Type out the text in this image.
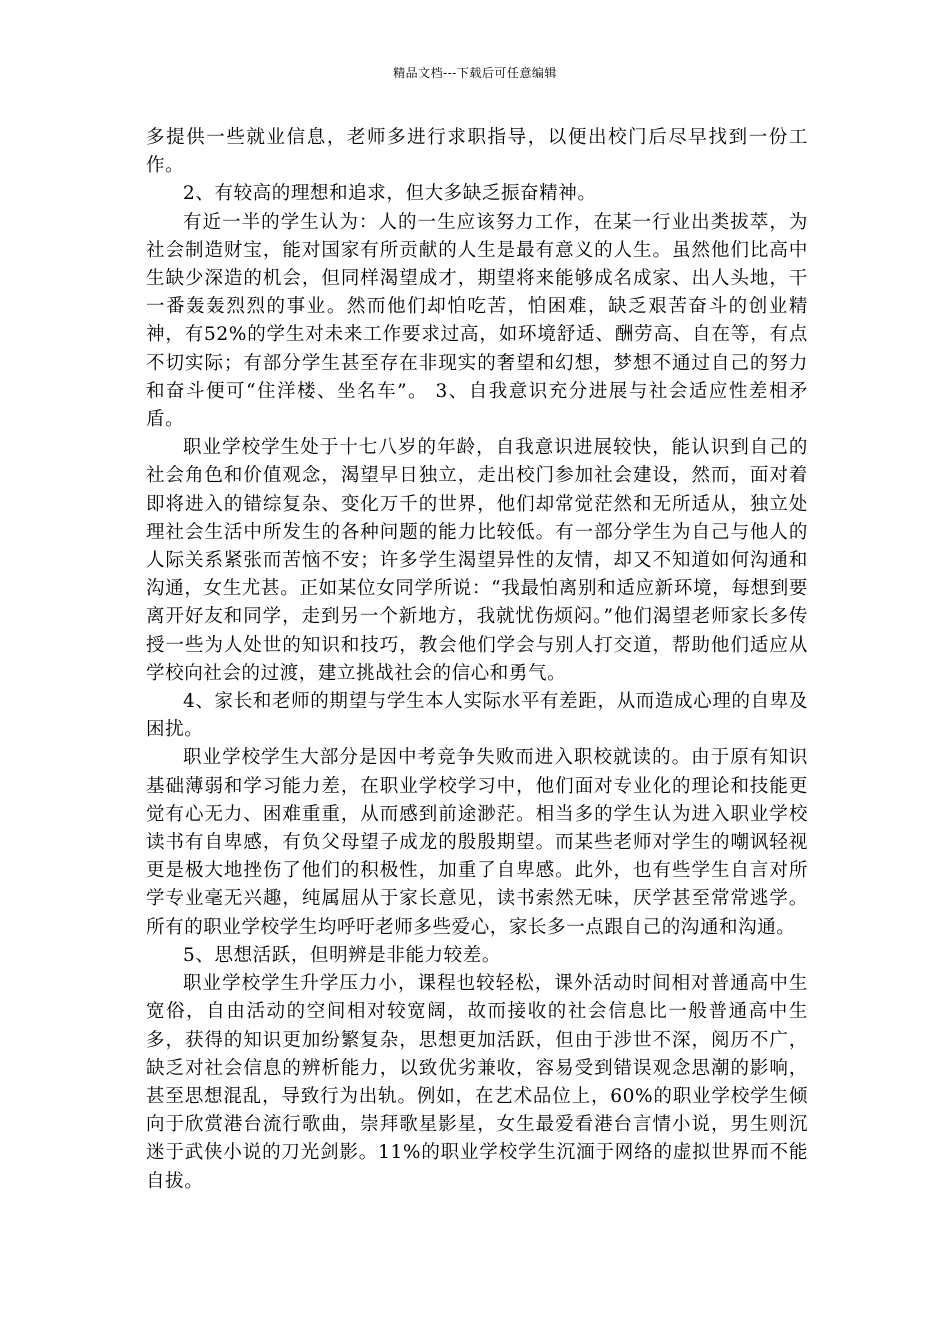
精品文档---下载后可任意编辑

多提供一些就业信息，老师多进行求职指导，以便出校门后尽早找到一份工作。

2、有较高的理想和追求，但大多缺乏振奋精神。

有近一半的学生认为：人的一生应该努力工作，在某一行业出类拔萃，为社会制造财宝，能对国家有所贡献的人生是最有意义的人生。虽然他们比高中生缺少深造的机会，但同样渴望成才，期望将来能够成名成家、出人头地，干一番轰轰烈烈的事业。然而他们却怕吃苦，怕困难，缺乏艰苦奋斗的创业精神，有52%的学生对未来工作要求过高，如环境舒适、酬劳高、自在等，有点不切实际；有部分学生甚至存在非现实的奢望和幻想，梦想不通过自己的努力和奋斗便可“住洋楼、坐名车”。 3、自我意识充分进展与社会适应性差相矛盾。

职业学校学生处于十七八岁的年龄，自我意识进展较快，能认识到自己的社会角色和价值观念，渴望早日独立，走出校门参加社会建设，然而，面对着即将进入的错综复杂、变化万千的世界，他们却常觉茫然和无所适从，独立处理社会生活中所发生的各种问题的能力比较低。有一部分学生为自己与他人的人际关系紧张而苦恼不安；许多学生渴望异性的友情，却又不知道如何沟通和沟通，女生尤甚。正如某位女同学所说：“我最怕离别和适应新环境，每想到要离开好友和同学，走到另一个新地方，我就忧伤烦闷。”他们渴望老师家长多传授一些为人处世的知识和技巧，教会他们学会与别人打交道，帮助他们适应从学校向社会的过渡，建立挑战社会的信心和勇气。

4、家长和老师的期望与学生本人实际水平有差距，从而造成心理的自卑及困扰。

职业学校学生大部分是因中考竞争失败而进入职校就读的。由于原有知识基础薄弱和学习能力差，在职业学校学习中，他们面对专业化的理论和技能更觉有心无力、困难重重，从而感到前途渺茫。相当多的学生认为进入职业学校读书有自卑感，有负父母望子成龙的殷殷期望。而某些老师对学生的嘲讽轻视更是极大地挫伤了他们的积极性，加重了自卑感。此外，也有些学生自言对所学专业毫无兴趣，纯属屈从于家长意见，读书索然无味，厌学甚至常常逃学。所有的职业学校学生均呼吁老师多些爱心，家长多一点跟自己的沟通和沟通。

5、思想活跃，但明辨是非能力较差。

职业学校学生升学压力小，课程也较轻松，课外活动时间相对普通高中生宽俗，自由活动的空间相对较宽阔，故而接收的社会信息比一般普通高中生多，获得的知识更加纷繁复杂，思想更加活跃，但由于涉世不深，阅历不广，缺乏对社会信息的辨析能力，以致优劣兼收，容易受到错误观念思潮的影响，甚至思想混乱，导致行为出轨。例如，在艺术品位上，60%的职业学校学生倾向于欣赏港台流行歌曲，崇拜歌星影星，女生最爱看港台言情小说，男生则沉迷于武侠小说的刀光剑影。11%的职业学校学生沉湎于网络的虚拟世界而不能自拔。
